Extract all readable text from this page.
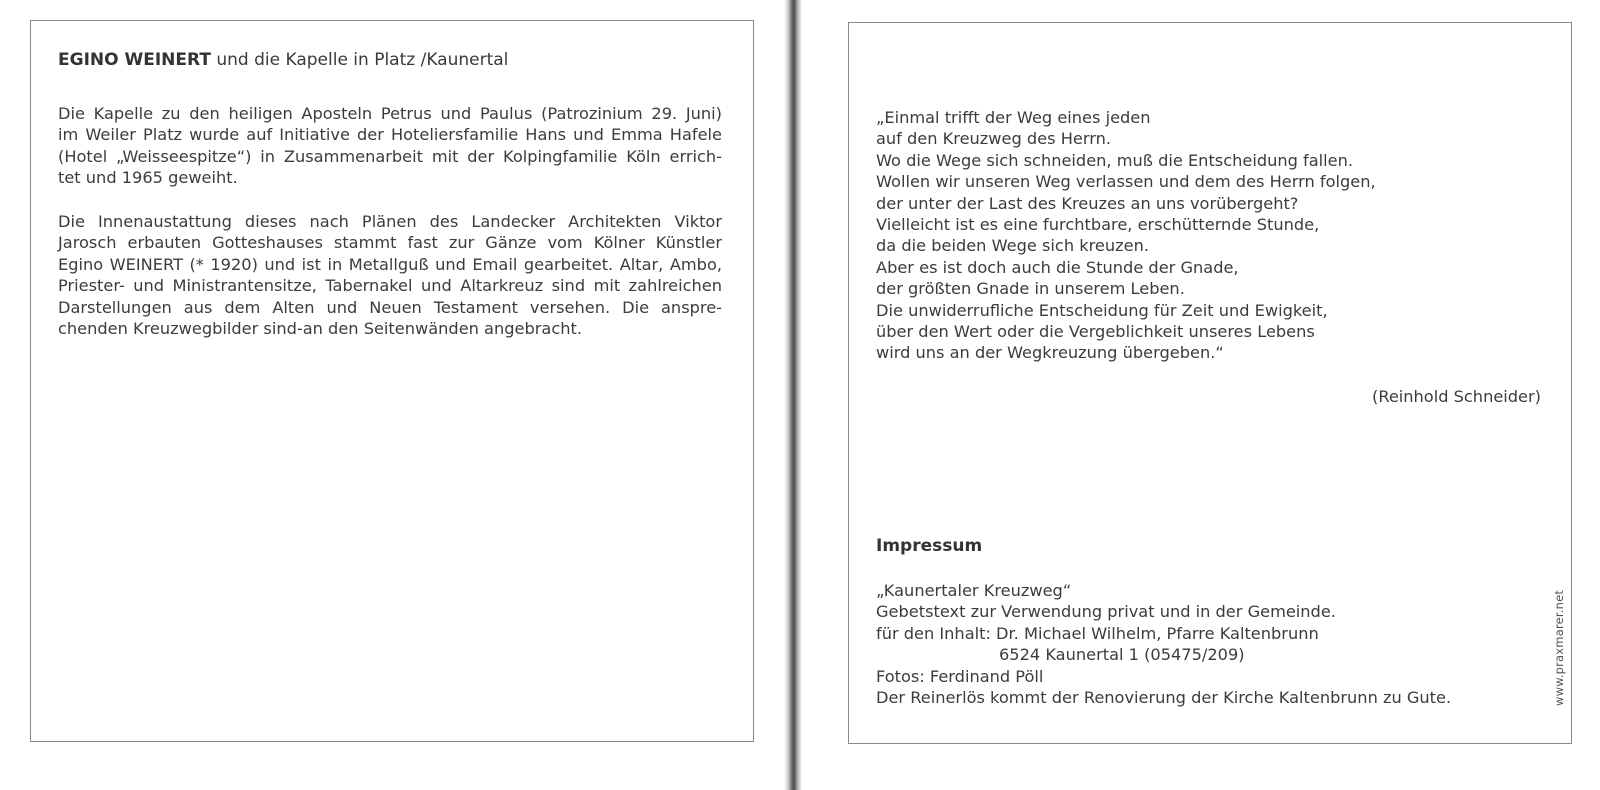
EGINO WEINERT und die Kapelle in Platz /Kaunertal

Die Kapelle zu den heiligen Aposteln Petrus und Paulus (Patrozinium 29. Juni)
im Weiler Platz wurde auf Initiative der Hoteliersfamilie Hans und Emma Hafele
(Hotel „Weisseespitze“) in Zusammenarbeit mit der Kolpingfamilie Köln errich-
tet und 1965 geweiht.

Die Innenaustattung dieses nach Plänen des Landecker Architekten Viktor
Jarosch erbauten Gotteshauses stammt fast zur Gänze vom Kölner Künstler
Egino WEINERT (* 1920) und ist in Metallguß und Email gearbeitet. Altar, Ambo,
Priester- und Ministrantensitze, Tabernakel und Altarkreuz sind mit zahlreichen
Darstellungen aus dem Alten und Neuen Testament versehen. Die anspre-
chenden Kreuzwegbilder sind-an den Seitenwänden angebracht.

„Einmal trifft der Weg eines jeden
auf den Kreuzweg des Herrn.
Wo die Wege sich schneiden, muß die Entscheidung fallen.
Wollen wir unseren Weg verlassen und dem des Herrn folgen,
der unter der Last des Kreuzes an uns vorübergeht?
Vielleicht ist es eine furchtbare, erschütternde Stunde,
da die beiden Wege sich kreuzen.
Aber es ist doch auch die Stunde der Gnade,
der größten Gnade in unserem Leben.
Die unwiderrufliche Entscheidung für Zeit und Ewigkeit,
über den Wert oder die Vergeblichkeit unseres Lebens
wird uns an der Wegkreuzung übergeben.“
(Reinhold Schneider)
Impressum
„Kaunertaler Kreuzweg“
Gebetstext zur Verwendung privat und in der Gemeinde.
für den Inhalt: Dr. Michael Wilhelm, Pfarre Kaltenbrunn
6524 Kaunertal 1 (05475/209)
Fotos: Ferdinand Pöll
Der Reinerlös kommt der Renovierung der Kirche Kaltenbrunn zu Gute.	www.praxmarer.net
